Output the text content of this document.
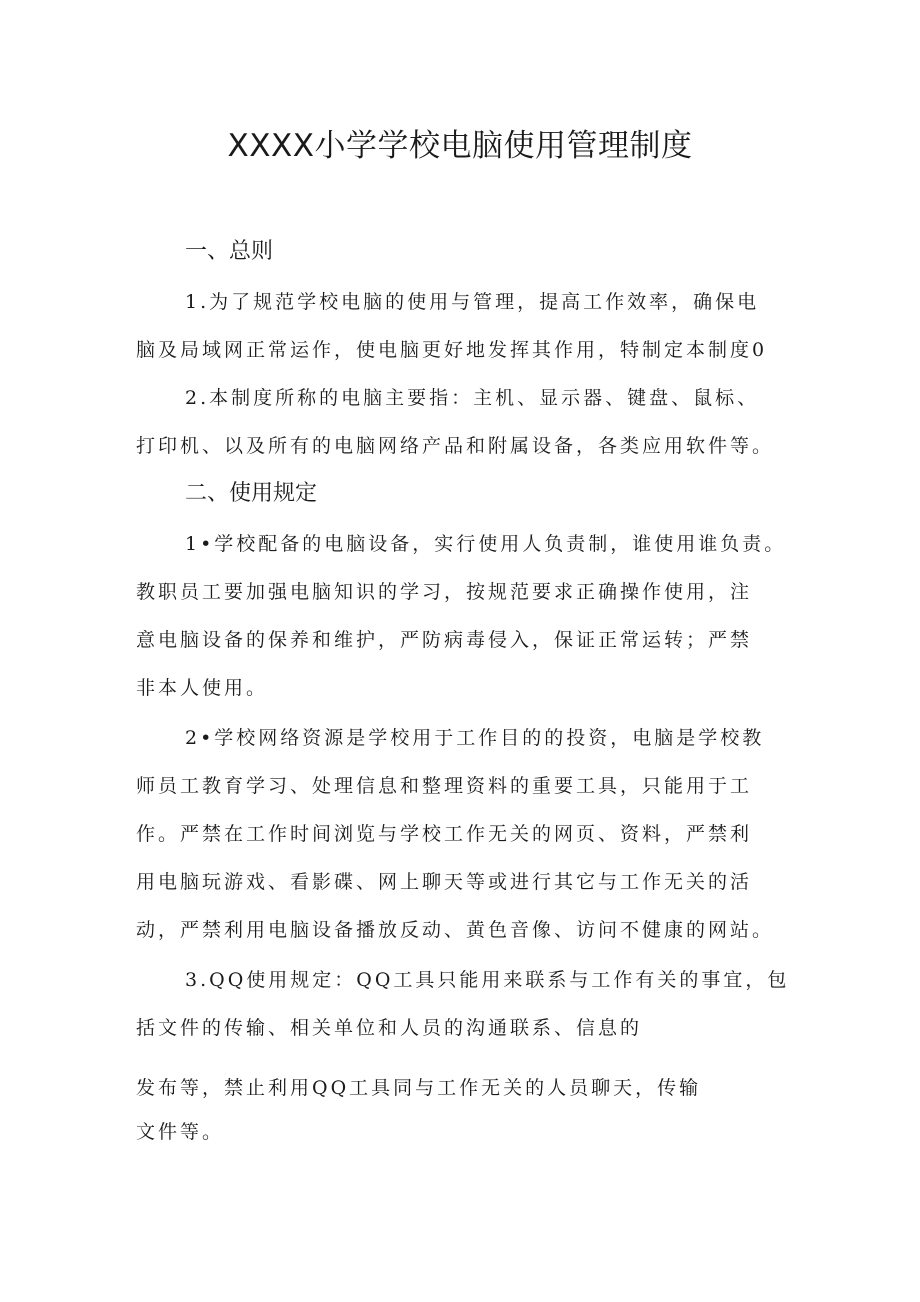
XXXX小学学校电脑使用管理制度
一、总则
1.为了规范学校电脑的使用与管理，提高工作效率，确保电
脑及局域网正常运作，使电脑更好地发挥其作用，特制定本制度0
2.本制度所称的电脑主要指：主机、显示器、键盘、鼠标、
打印机、以及所有的电脑网络产品和附属设备，各类应用软件等。
二、使用规定
1•学校配备的电脑设备，实行使用人负责制，谁使用谁负责。
教职员工要加强电脑知识的学习，按规范要求正确操作使用，注
意电脑设备的保养和维护，严防病毒侵入，保证正常运转；严禁
非本人使用。
2•学校网络资源是学校用于工作目的的投资，电脑是学校教
师员工教育学习、处理信息和整理资料的重要工具，只能用于工
作。严禁在工作时间浏览与学校工作无关的网页、资料，严禁利
用电脑玩游戏、看影碟、网上聊天等或进行其它与工作无关的活
动，严禁利用电脑设备播放反动、黄色音像、访问不健康的网站。
3.QQ使用规定：QQ工具只能用来联系与工作有关的事宜，包
括文件的传输、相关单位和人员的沟通联系、信息的
发布等，禁止利用QQ工具同与工作无关的人员聊天，传输
文件等。
